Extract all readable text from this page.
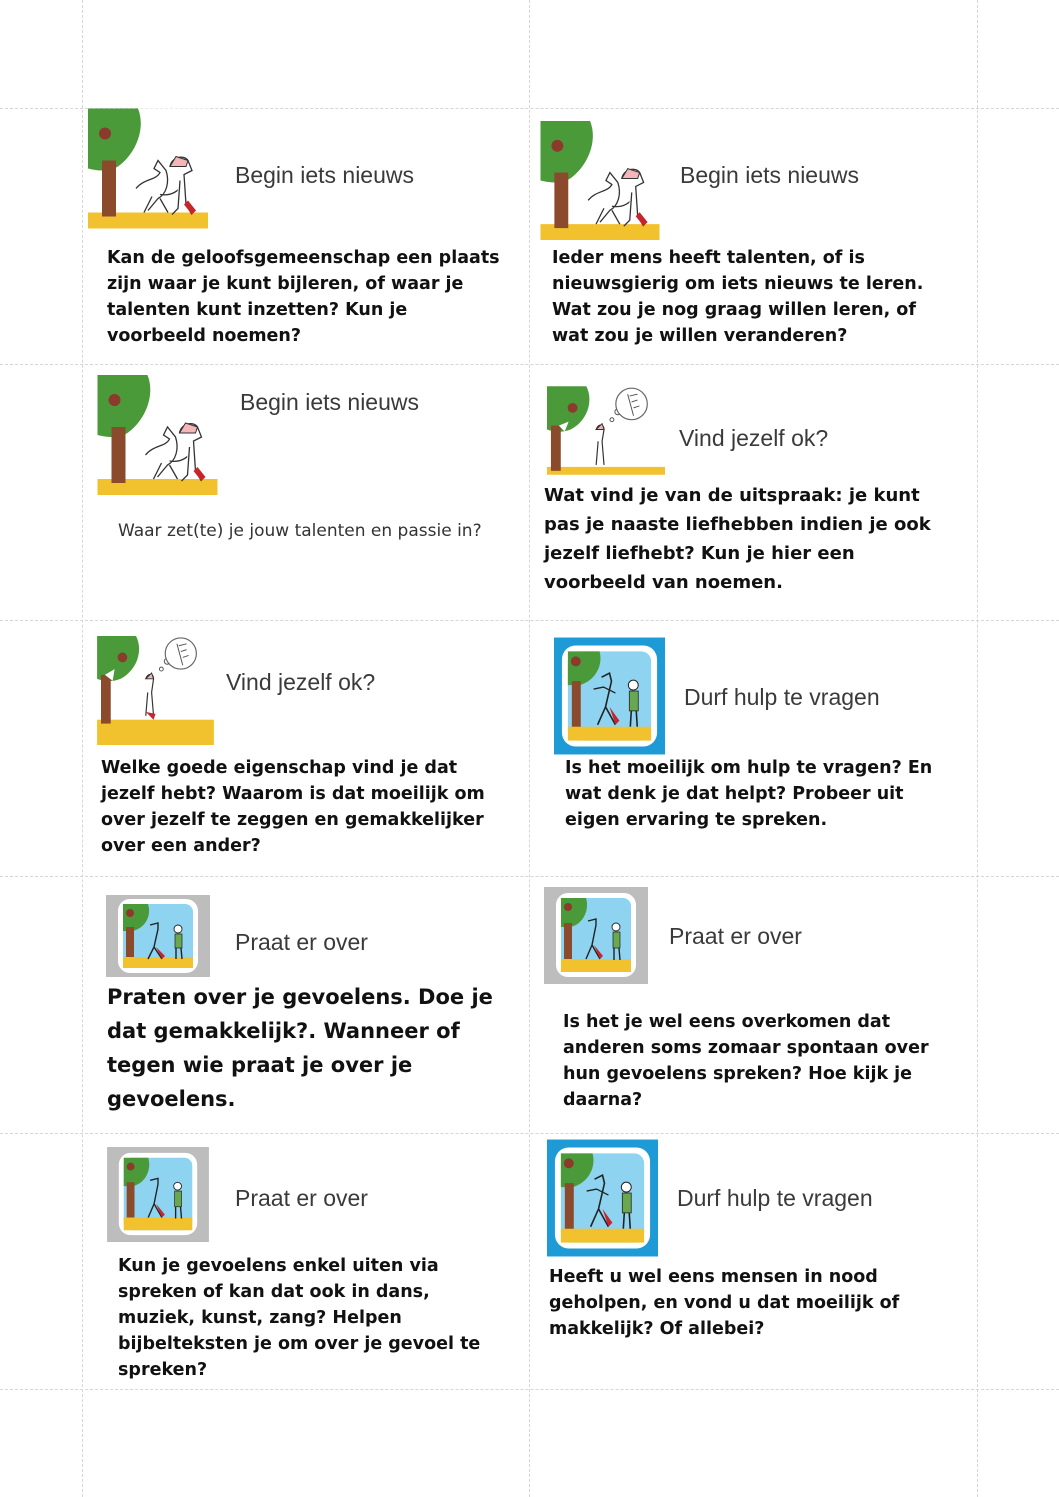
Begin iets nieuws
Kan de geloofsgemeenschap een plaats zijn waar je kunt bijleren, of waar je talenten kunt inzetten? Kun je voorbeeld noemen?
Begin iets nieuws
Ieder mens heeft talenten, of is nieuwsgierig om iets nieuws te leren. Wat zou je nog graag willen leren, of wat zou je willen veranderen?
Begin iets nieuws
Waar zet(te) je jouw talenten en passie in?
Vind jezelf ok?
Wat vind je van de uitspraak: je kunt pas je naaste liefhebben indien je ook jezelf liefhebt? Kun je hier een voorbeeld van noemen.
Vind jezelf ok?
Welke goede eigenschap vind je dat jezelf hebt? Waarom is dat moeilijk om over jezelf te zeggen en gemakkelijker over een ander?
Durf hulp te vragen
Is het moeilijk om hulp te vragen? En wat denk je dat helpt? Probeer uit eigen ervaring te spreken.
Praat er over
Praten over je gevoelens. Doe je dat gemakkelijk?. Wanneer of tegen wie praat je over je gevoelens.
Praat er over
Is het je wel eens overkomen dat anderen soms zomaar spontaan over hun gevoelens spreken? Hoe kijk je daarna?
Praat er over
Kun je gevoelens enkel uiten via spreken of kan dat ook in dans, muziek, kunst, zang? Helpen bijbelteksten je om over je gevoel te spreken?
Durf hulp te vragen
Heeft u wel eens mensen in nood geholpen, en vond u dat moeilijk of makkelijk? Of allebei?
